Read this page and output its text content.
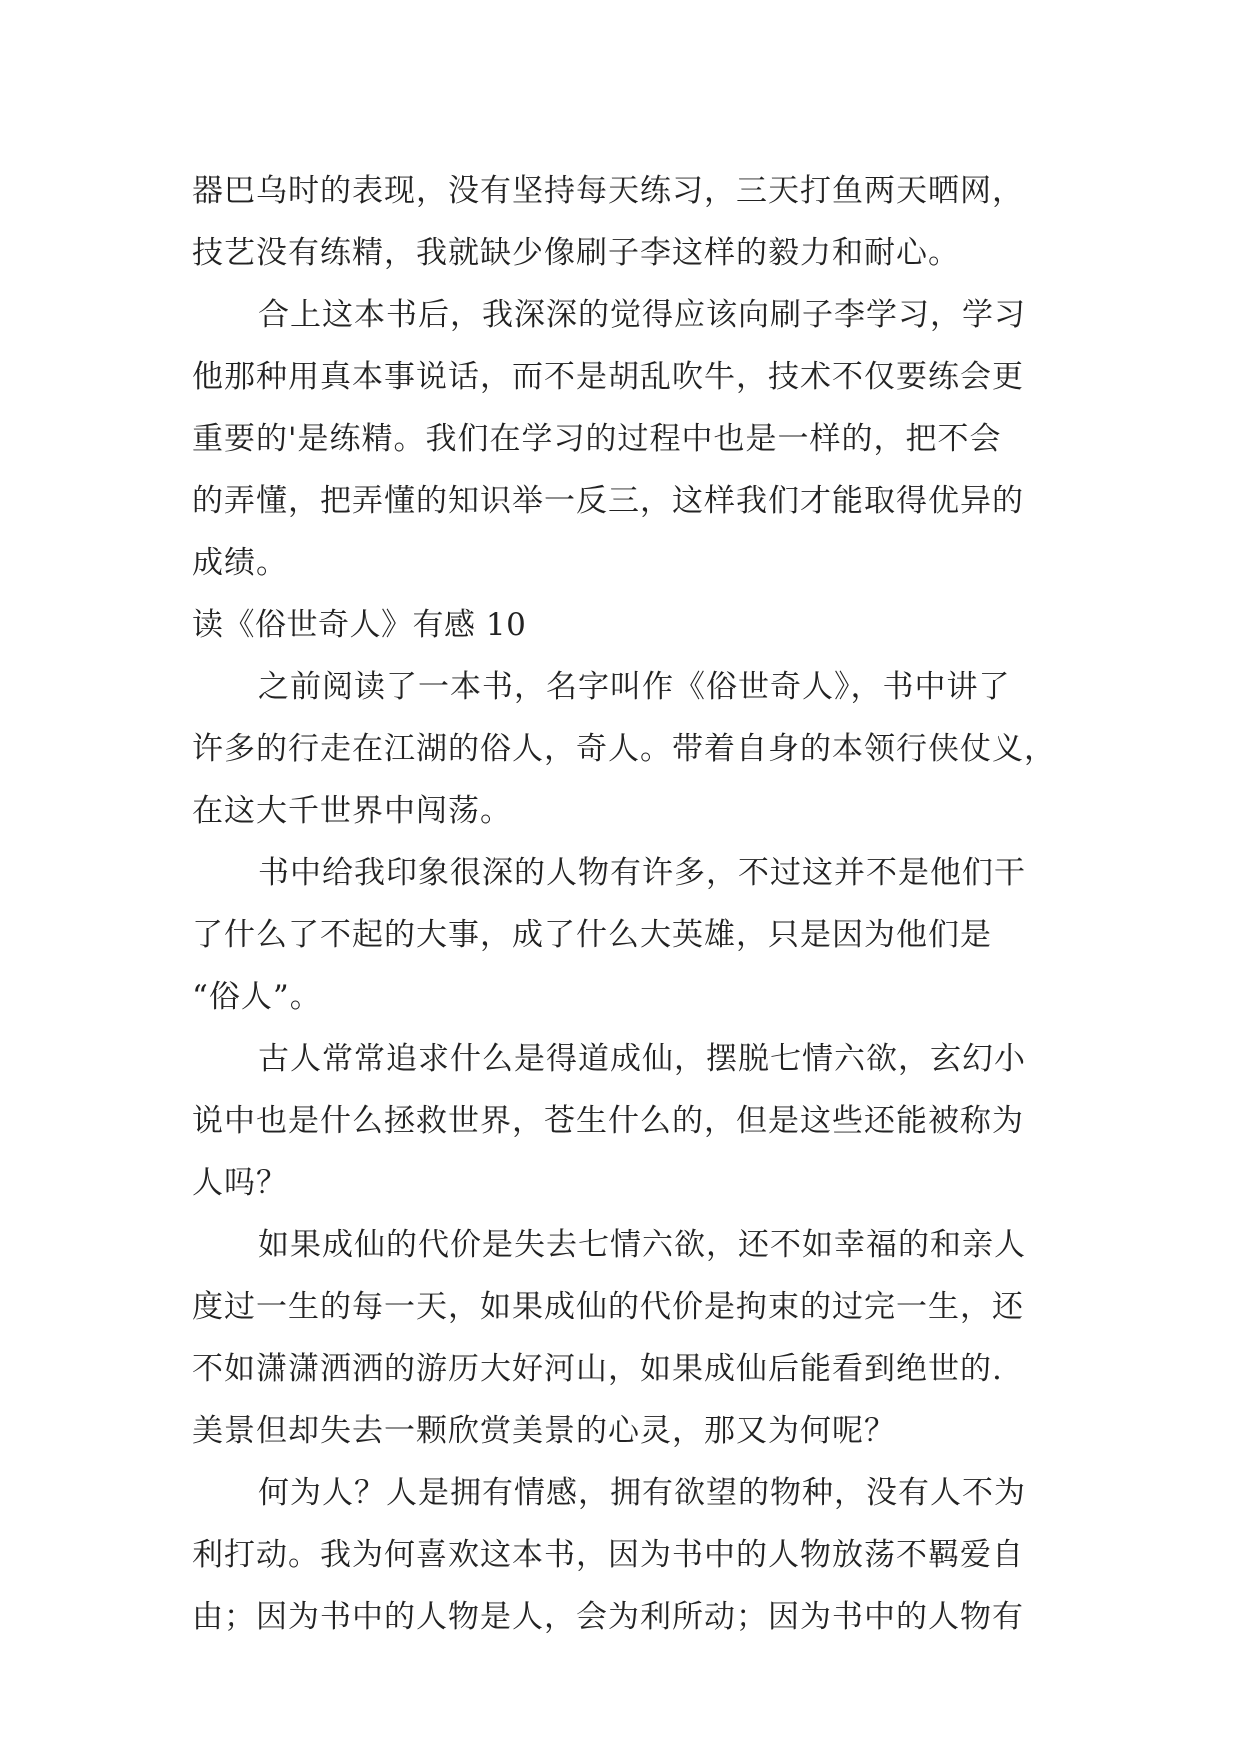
器巴乌时的表现，没有坚持每天练习，三天打鱼两天晒网，
技艺没有练精，我就缺少像刷子李这样的毅力和耐心。
合上这本书后，我深深的觉得应该向刷子李学习，学习
他那种用真本事说话，而不是胡乱吹牛，技术不仅要练会更
重要的'是练精。我们在学习的过程中也是一样的，把不会
的弄懂，把弄懂的知识举一反三，这样我们才能取得优异的
成绩。
读《俗世奇人》有感 10
之前阅读了一本书，名字叫作《俗世奇人》，书中讲了
许多的行走在江湖的俗人，奇人。带着自身的本领行侠仗义，
在这大千世界中闯荡。
书中给我印象很深的人物有许多，不过这并不是他们干
了什么了不起的大事，成了什么大英雄，只是因为他们是
“俗人”。
古人常常追求什么是得道成仙，摆脱七情六欲，玄幻小
说中也是什么拯救世界，苍生什么的，但是这些还能被称为
人吗？
如果成仙的代价是失去七情六欲，还不如幸福的和亲人
度过一生的每一天，如果成仙的代价是拘束的过完一生，还
不如潇潇洒洒的游历大好河山，如果成仙后能看到绝世的.
美景但却失去一颗欣赏美景的心灵，那又为何呢？
何为人？人是拥有情感，拥有欲望的物种，没有人不为
利打动。我为何喜欢这本书，因为书中的人物放荡不羁爱自
由；因为书中的人物是人，会为利所动；因为书中的人物有
